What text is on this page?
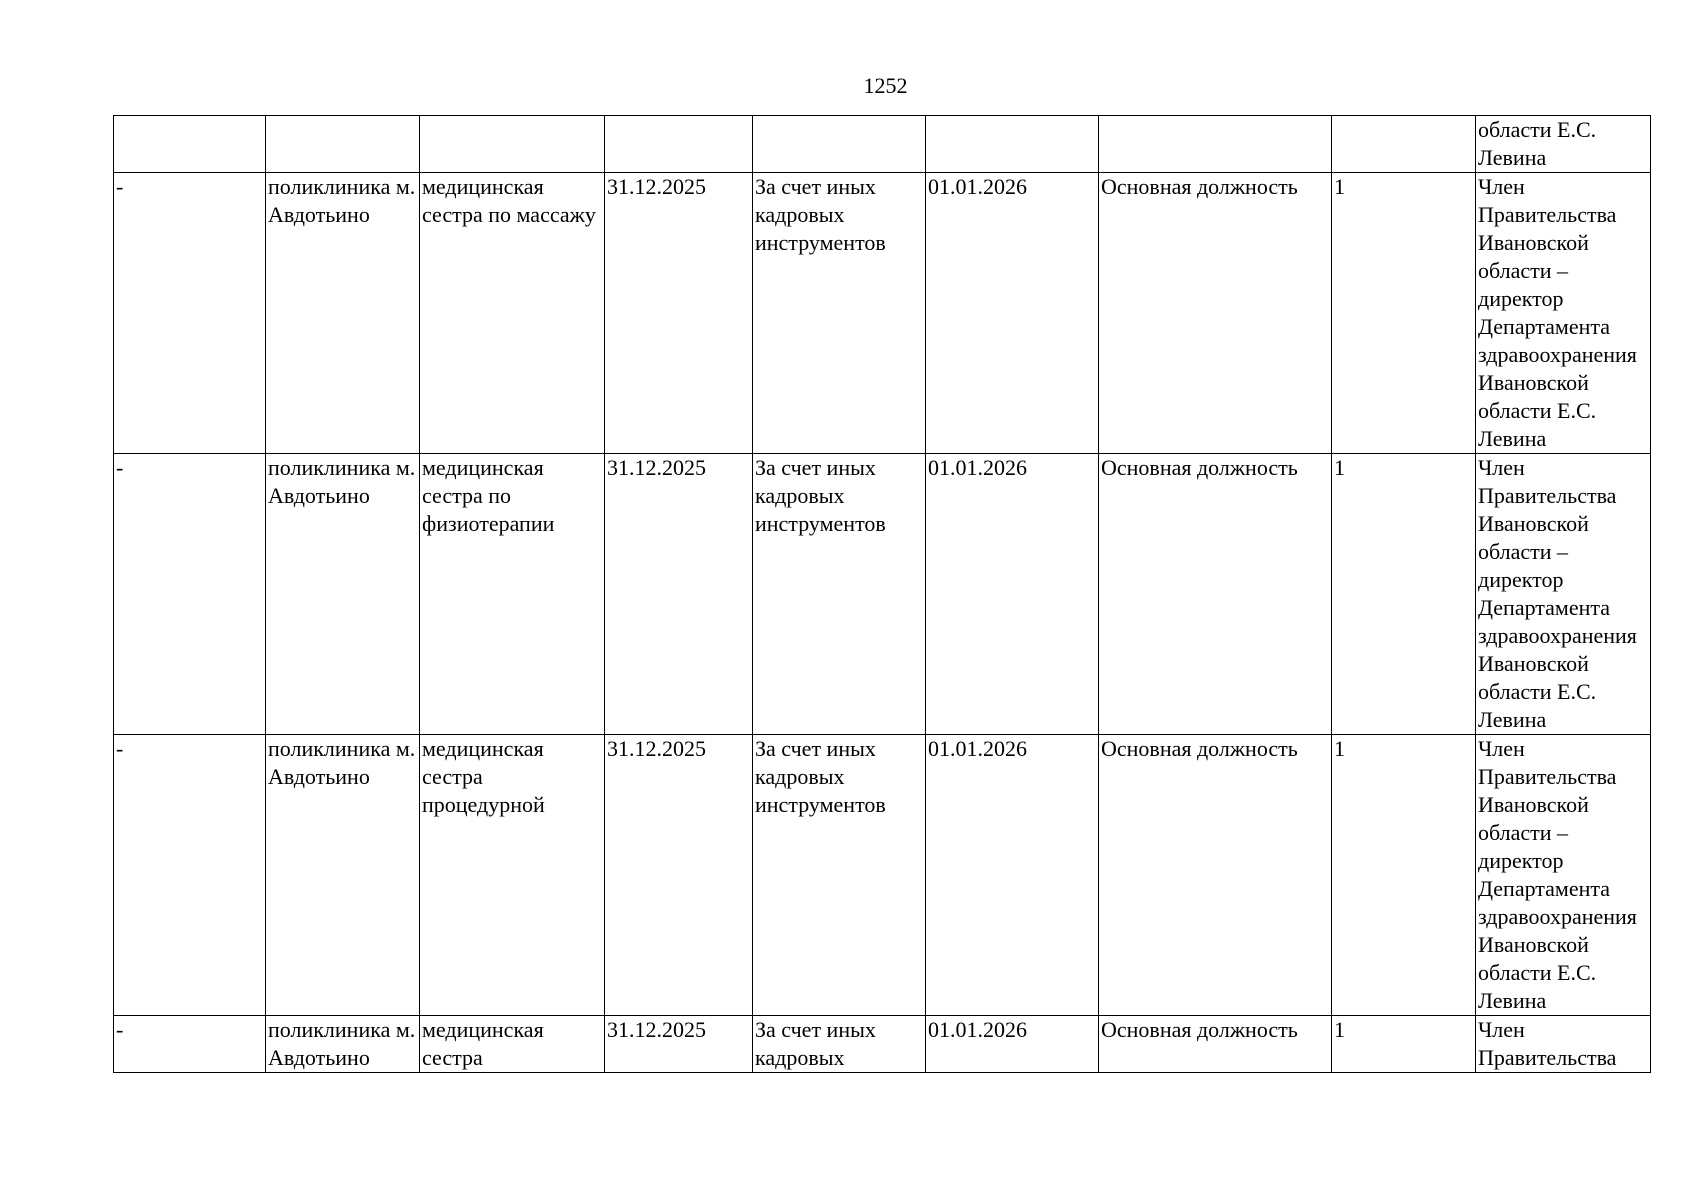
1252
								области Е.С. Левина
-	поликлиника м. Авдотьино	медицинская сестра по массажу	31.12.2025	За счет иных кадровых инструментов	01.01.2026	Основная должность	1	Член Правительства Ивановской области – директор Департамента здравоохранения Ивановской области Е.С. Левина
-	поликлиника м. Авдотьино	медицинская сестра по физиотерапии	31.12.2025	За счет иных кадровых инструментов	01.01.2026	Основная должность	1	Член Правительства Ивановской области – директор Департамента здравоохранения Ивановской области Е.С. Левина
-	поликлиника м. Авдотьино	медицинская сестра процедурной	31.12.2025	За счет иных кадровых инструментов	01.01.2026	Основная должность	1	Член Правительства Ивановской области – директор Департамента здравоохранения Ивановской области Е.С. Левина
-	поликлиника м. Авдотьино	медицинская сестра	31.12.2025	За счет иных кадровых	01.01.2026	Основная должность	1	Член Правительства
